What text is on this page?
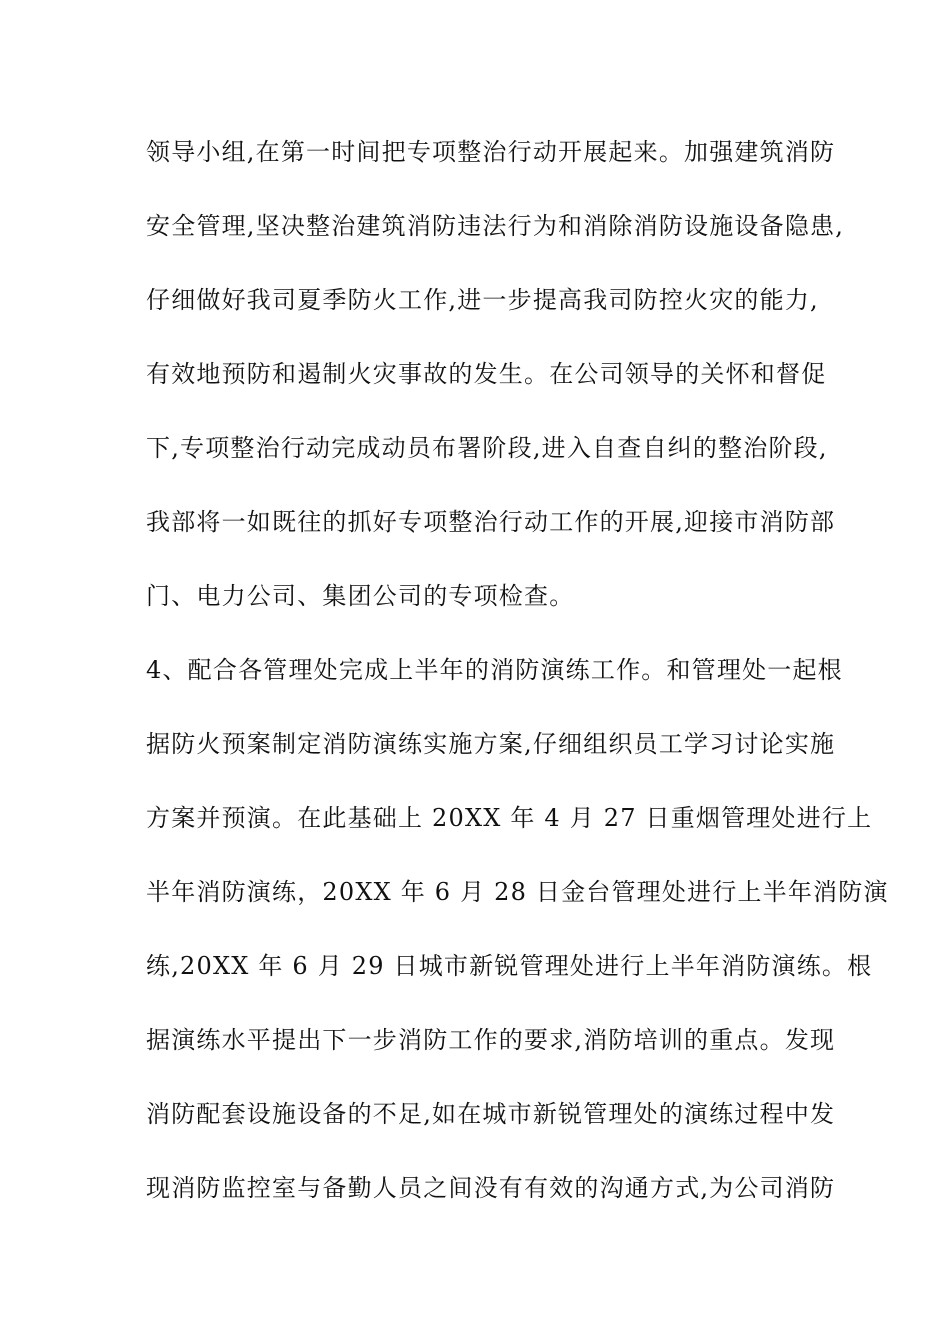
领导小组,在第一时间把专项整治行动开展起来。加强建筑消防
安全管理,坚决整治建筑消防违法行为和消除消防设施设备隐患,
仔细做好我司夏季防火工作,进一步提高我司防控火灾的能力,
有效地预防和遏制火灾事故的发生。在公司领导的关怀和督促
下,专项整治行动完成动员布署阶段,进入自查自纠的整治阶段,
我部将一如既往的抓好专项整治行动工作的开展,迎接市消防部
门、电力公司、集团公司的专项检查。
4、配合各管理处完成上半年的消防演练工作。和管理处一起根
据防火预案制定消防演练实施方案,仔细组织员工学习讨论实施
方案并预演。在此基础上 20XX 年 4 月 27 日重烟管理处进行上
半年消防演练，20XX 年 6 月 28 日金台管理处进行上半年消防演
练,20XX 年 6 月 29 日城市新锐管理处进行上半年消防演练。根
据演练水平提出下一步消防工作的要求,消防培训的重点。发现
消防配套设施设备的不足,如在城市新锐管理处的演练过程中发
现消防监控室与备勤人员之间没有有效的沟通方式,为公司消防
